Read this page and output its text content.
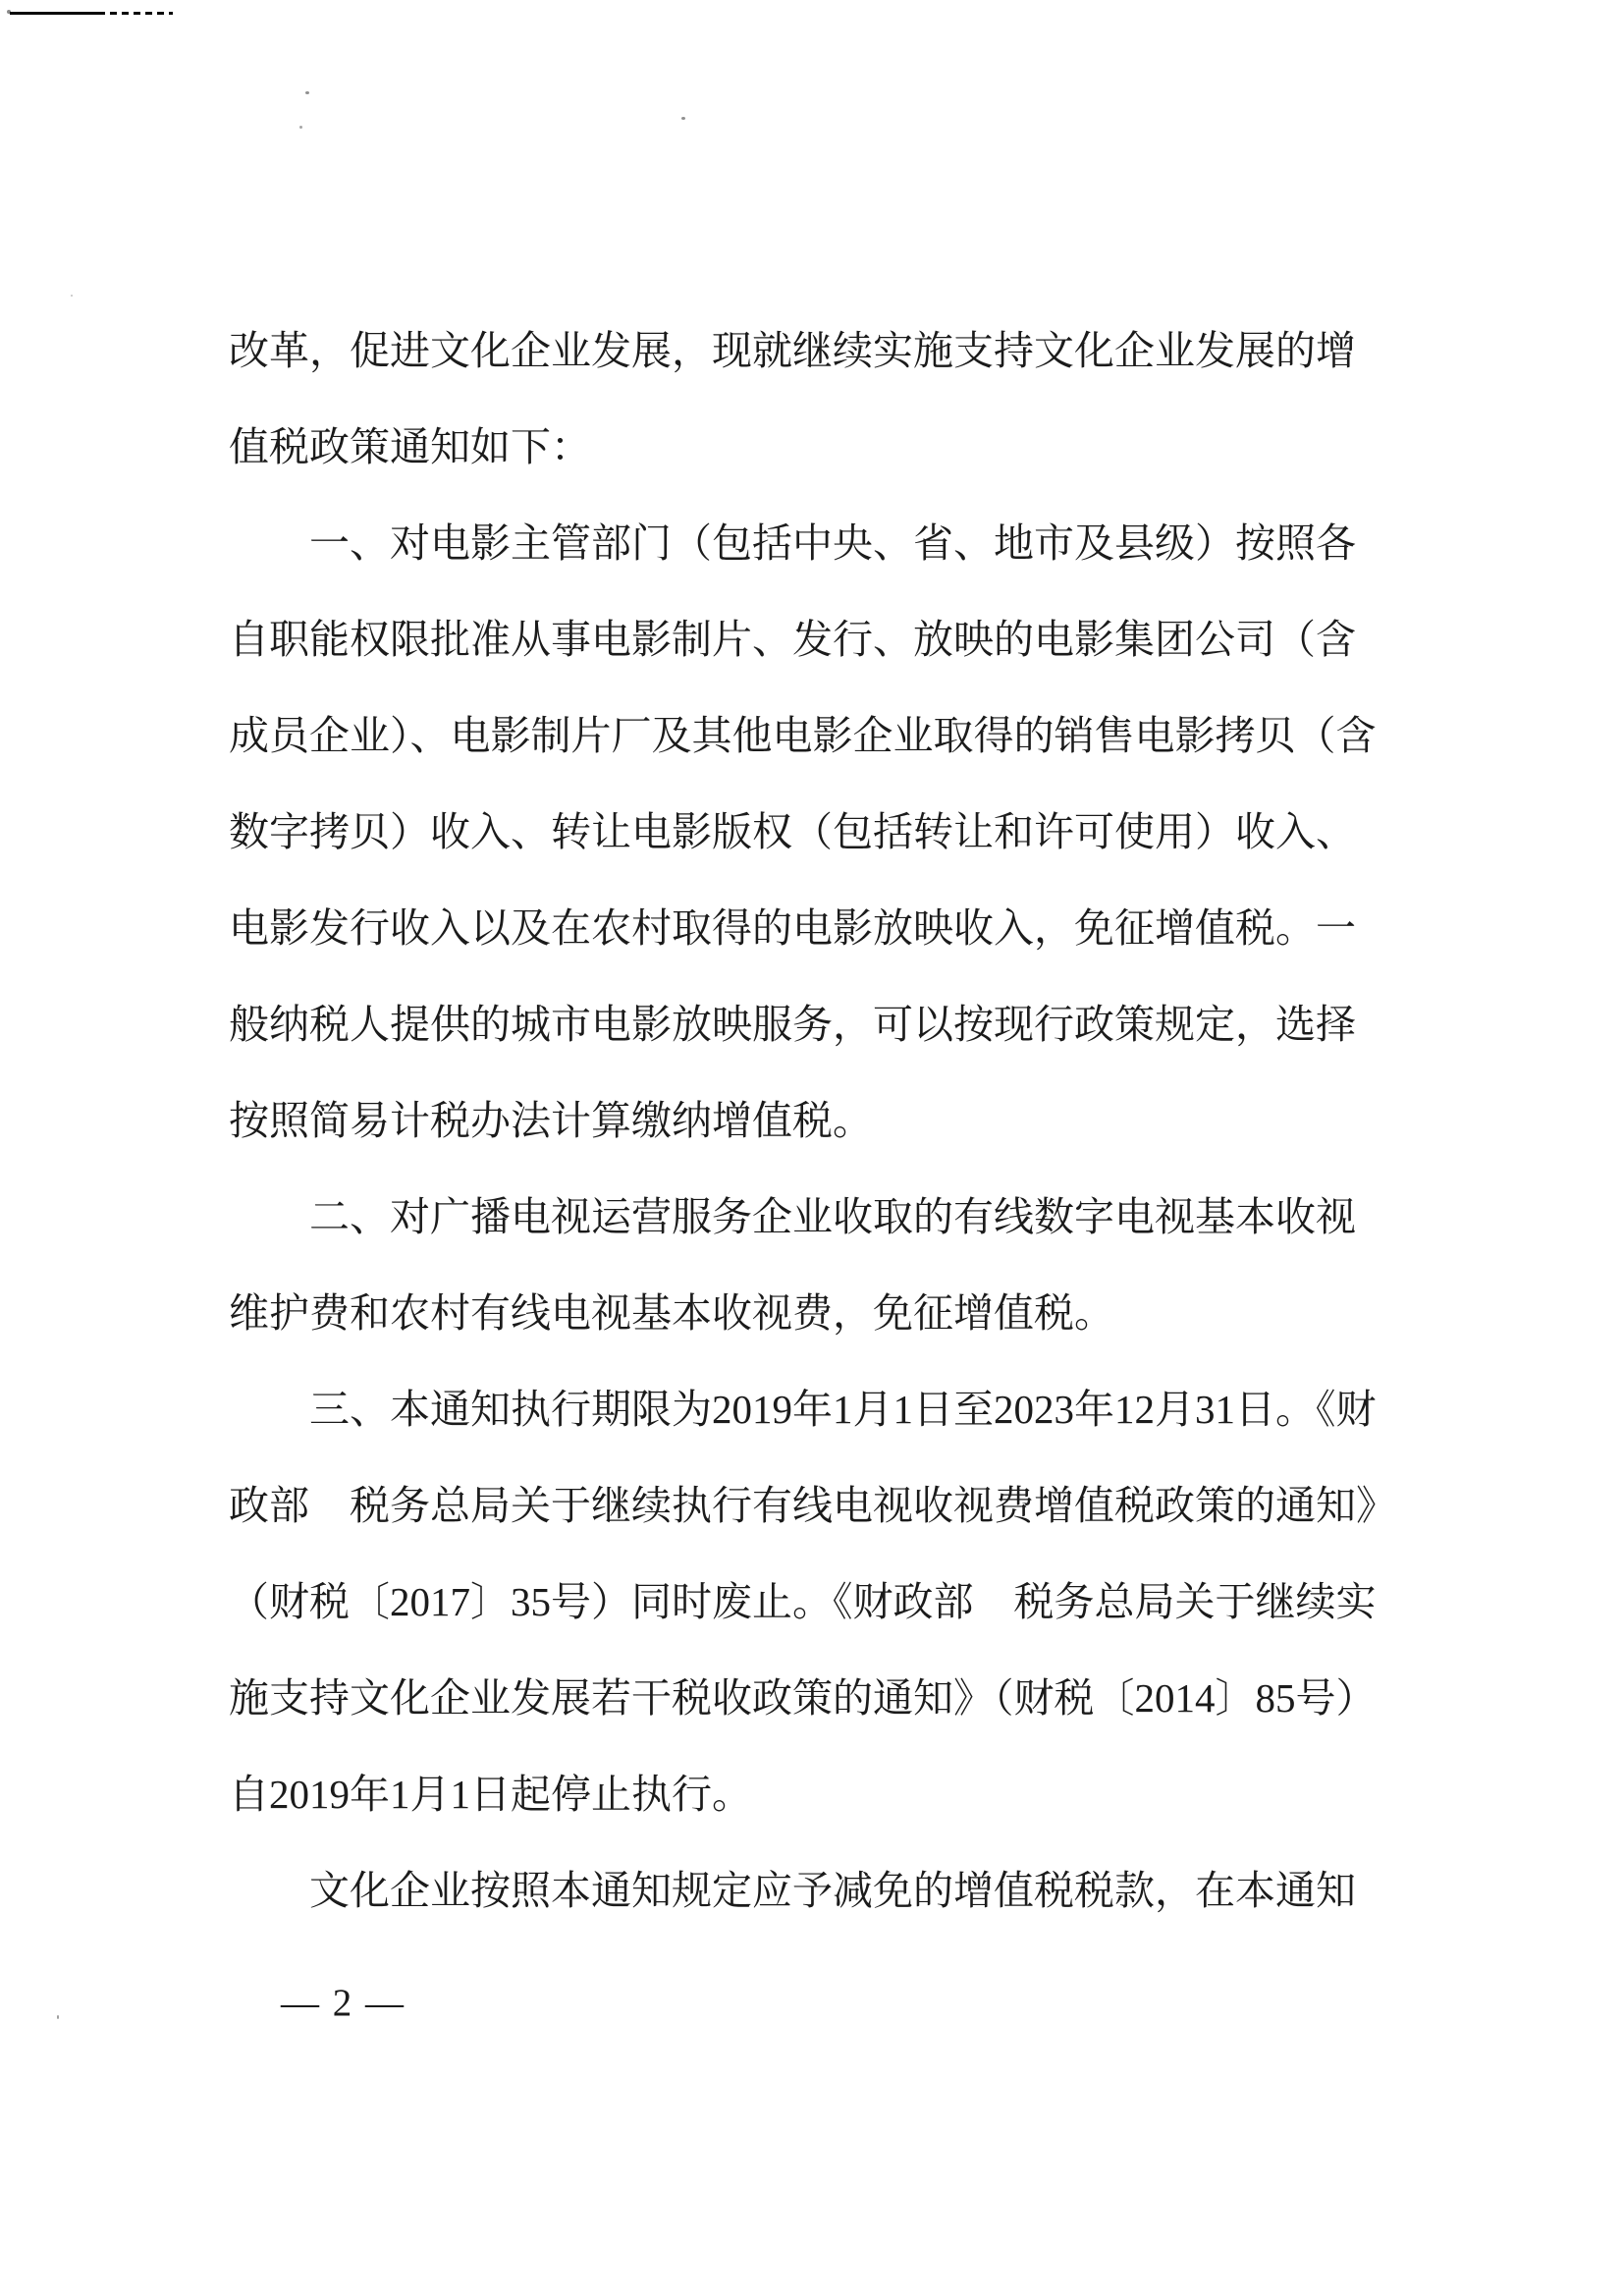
改革，促进文化企业发展，现就继续实施支持文化企业发展的增
值税政策通知如下：
一、对电影主管部门（包括中央、省、地市及县级）按照各
自职能权限批准从事电影制片、发行、放映的电影集团公司（含
成员企业）、电影制片厂及其他电影企业取得的销售电影拷贝（含
数字拷贝）收入、转让电影版权（包括转让和许可使用）收入、
电影发行收入以及在农村取得的电影放映收入，免征增值税。一
般纳税人提供的城市电影放映服务，可以按现行政策规定，选择
按照简易计税办法计算缴纳增值税。
二、对广播电视运营服务企业收取的有线数字电视基本收视
维护费和农村有线电视基本收视费，免征增值税。
三、本通知执行期限为2019年1月1日至2023年12月31日。《财
政部　税务总局关于继续执行有线电视收视费增值税政策的通知》
（财税〔2017〕35号）同时废止。《财政部　税务总局关于继续实
施支持文化企业发展若干税收政策的通知》（财税〔2014〕85号）
自2019年1月1日起停止执行。
文化企业按照本通知规定应予减免的增值税税款，在本通知
— 2 —
